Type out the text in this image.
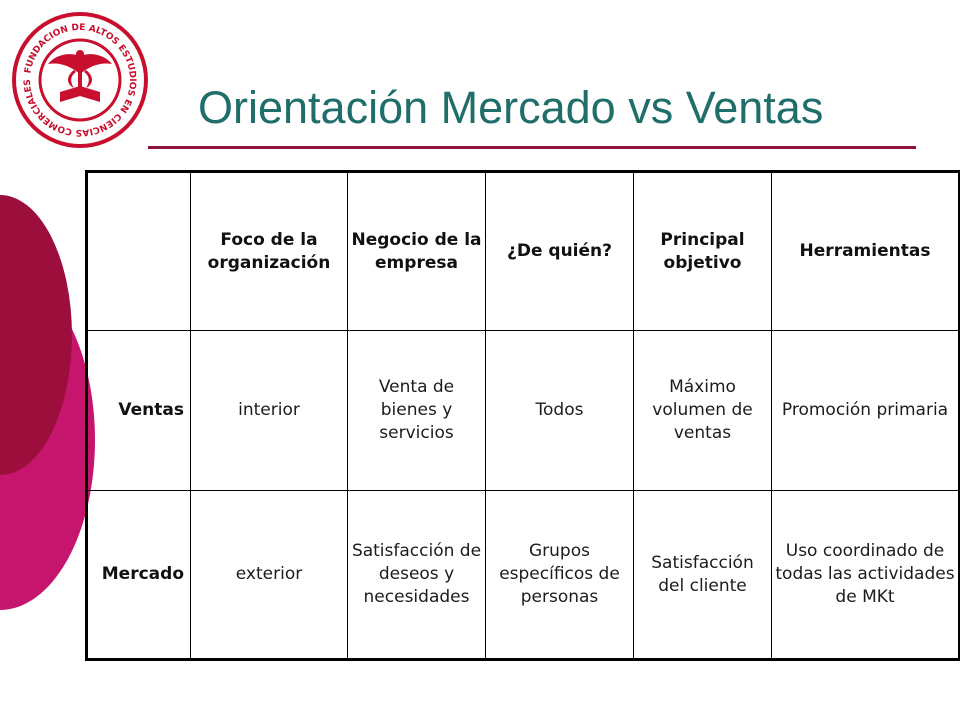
FUNDACION DE ALTOS ESTUDIOS EN CIENCIAS COMERCIALES	Orientación Mercado vs Ventas
	Foco de la organización	Negocio de la empresa	¿De quién?	Principal objetivo	Herramientas
Ventas	interior	Venta de bienes y servicios	Todos	Máximo volumen de ventas	Promoción primaria
Mercado	exterior	Satisfacción de deseos y necesidades	Grupos específicos de personas	Satisfacción del cliente	Uso coordinado de todas las actividades de MKt
